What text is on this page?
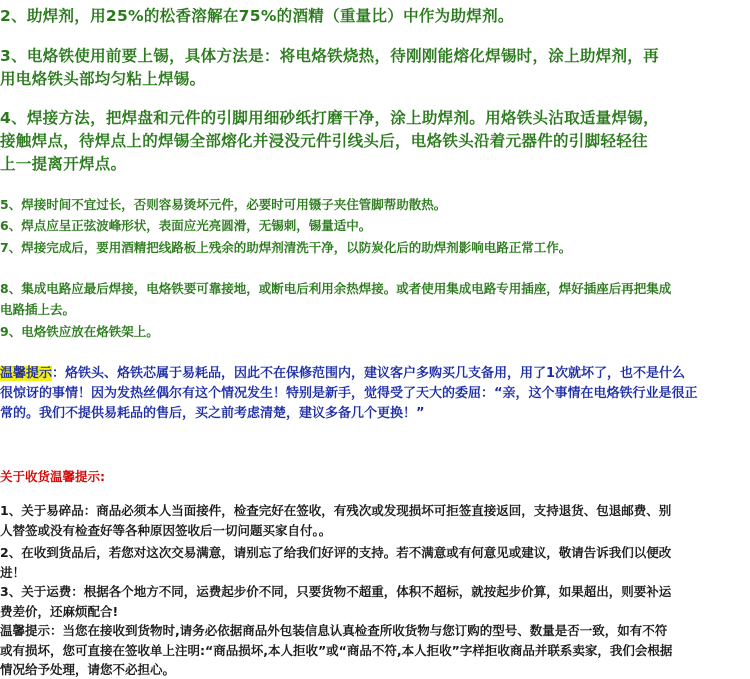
2、助焊剂，用25%的松香溶解在75%的酒精（重量比）中作为助焊剂。

3、电烙铁使用前要上锡，具体方法是：将电烙铁烧热，待刚刚能熔化焊锡时，涂上助焊剂，再

用电烙铁头部均匀粘上焊锡。

4、焊接方法，把焊盘和元件的引脚用细砂纸打磨干净，涂上助焊剂。用烙铁头沾取适量焊锡，

接触焊点，待焊点上的焊锡全部熔化并浸没元件引线头后，电烙铁头沿着元器件的引脚轻轻往

上一提离开焊点。

5、焊接时间不宜过长，否则容易烫坏元件，必要时可用镊子夹住管脚帮助散热。

6、焊点应呈正弦波峰形状，表面应光亮圆滑，无锡刺，锡量适中。

7、焊接完成后，要用酒精把线路板上残余的助焊剂清洗干净，以防炭化后的助焊剂影响电路正常工作。

8、集成电路应最后焊接，电烙铁要可靠接地，或断电后利用余热焊接。或者使用集成电路专用插座，焊好插座后再把集成

电路插上去。

9、电烙铁应放在烙铁架上。

温馨提示：烙铁头、烙铁芯属于易耗品，因此不在保修范围内，建议客户多购买几支备用，用了1次就坏了，也不是什么

很惊讶的事情！因为发热丝偶尔有这个情况发生！特别是新手，觉得受了天大的委屈：“亲，这个事情在电烙铁行业是很正

常的。我们不提供易耗品的售后，买之前考虑清楚，建议多备几个更换！”

关于收货温馨提示:

1、关于易碎品：商品必须本人当面接件，检查完好在签收，有残次或发现损坏可拒签直接返回，支持退货、包退邮费、别

人替签或没有检查好等各种原因签收后一切问题买家自付。。

2、在收到货品后，若您对这次交易满意，请别忘了给我们好评的支持。若不满意或有何意见或建议，敬请告诉我们以便改

进！

3、关于运费：根据各个地方不同，运费起步价不同，只要货物不超重，体积不超标，就按起步价算，如果超出，则要补运

费差价，还麻烦配合!

温馨提示：当您在接收到货物时,请务必依据商品外包装信息认真检查所收货物与您订购的型号、数量是否一致，如有不符

或有损坏，您可直接在签收单上注明:“商品损坏,本人拒收”或“商品不符,本人拒收”字样拒收商品并联系卖家，我们会根据

情况给予处理，请您不必担心。
